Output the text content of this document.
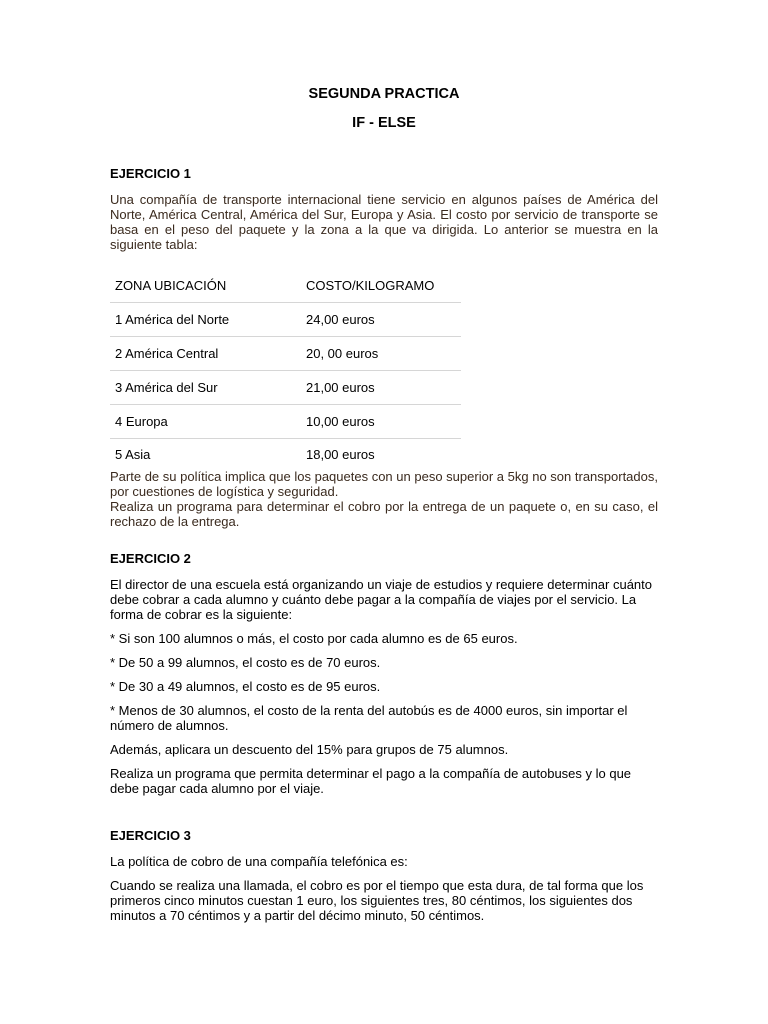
SEGUNDA PRACTICA
IF - ELSE
EJERCICIO 1

Una compañía de transporte internacional tiene servicio en algunos países de América del Norte, América Central, América del Sur, Europa y Asia. El costo por servicio de transporte se basa en el peso del paquete y la zona a la que va dirigida. Lo anterior se muestra en la siguiente tabla:

ZONA UBICACIÓN	COSTO/KILOGRAMO
1 América del Norte	24,00 euros
2 América Central	20, 00 euros
3 América del Sur	21,00 euros
4 Europa	10,00 euros
5 Asia	18,00 euros

Parte de su política implica que los paquetes con un peso superior a 5kg no son transportados, por cuestiones de logística y seguridad.

Realiza un programa para determinar el cobro por la entrega de un paquete o, en su caso, el rechazo de la entrega.

EJERCICIO 2

El director de una escuela está organizando un viaje de estudios y requiere determinar cuánto debe cobrar a cada alumno y cuánto debe pagar a la compañía de viajes por el servicio. La forma de cobrar es la siguiente:

* Si son 100 alumnos o más, el costo por cada alumno es de 65 euros.

* De 50 a 99 alumnos, el costo es de 70 euros.

* De 30 a 49 alumnos, el costo es de 95 euros.

* Menos de 30 alumnos, el costo de la renta del autobús es de 4000 euros, sin importar el número de alumnos.

Además, aplicara un descuento del 15% para grupos de 75 alumnos.

Realiza un programa que permita determinar el pago a la compañía de autobuses y lo que debe pagar cada alumno por el viaje.

EJERCICIO 3

La política de cobro de una compañía telefónica es:

Cuando se realiza una llamada, el cobro es por el tiempo que esta dura, de tal forma que los primeros cinco minutos cuestan 1 euro, los siguientes tres, 80 céntimos, los siguientes dos minutos a 70 céntimos y a partir del décimo minuto, 50 céntimos.
